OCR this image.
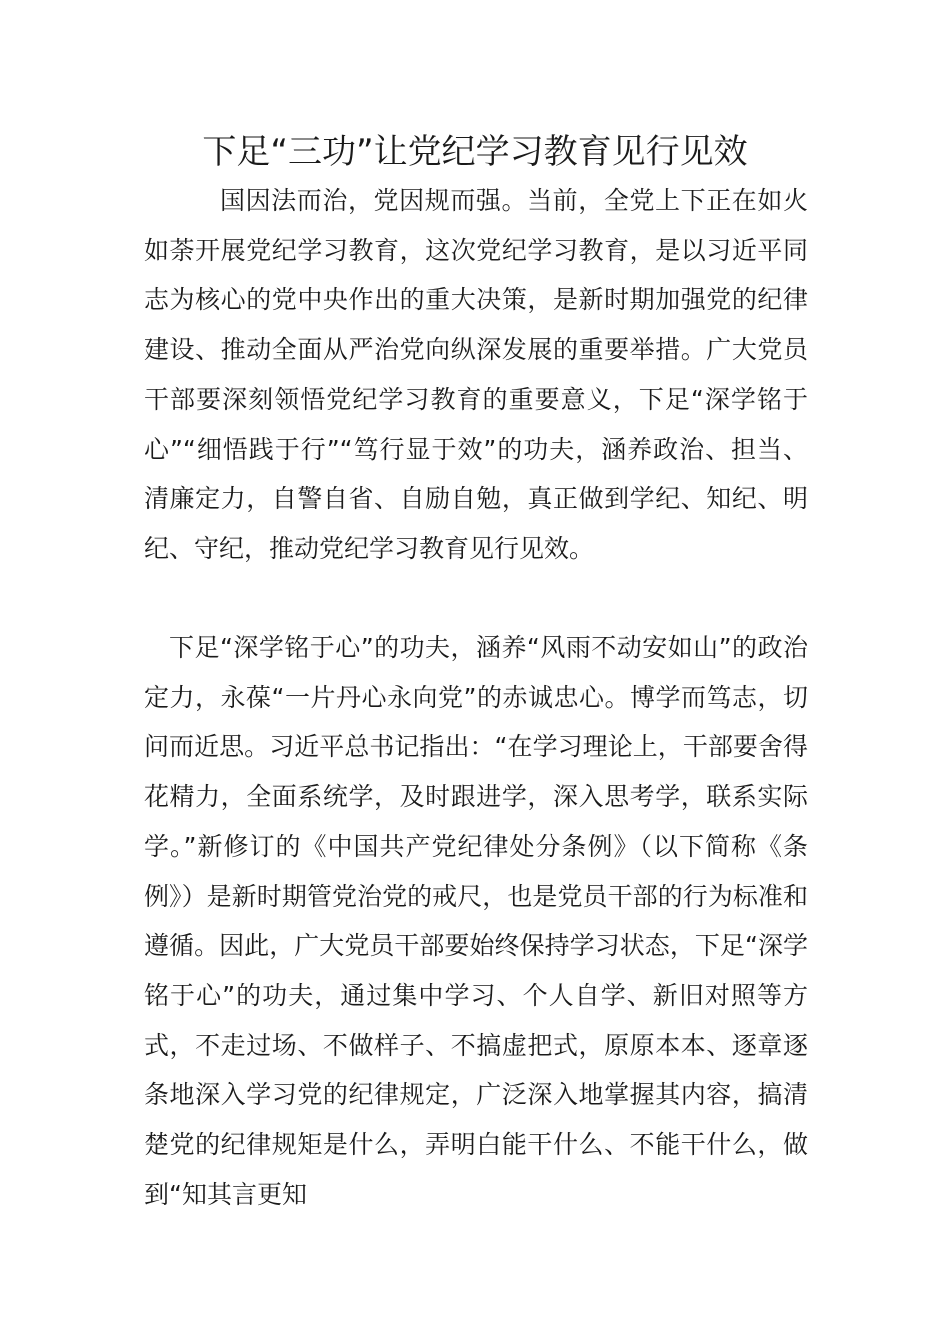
下足“三功”让党纪学习教育见行见效

国因法而治，党因规而强。当前，全党上下正在如火如荼开展党纪学习教育，这次党纪学习教育，是以习近平同志为核心的党中央作出的重大决策，是新时期加强党的纪律建设、推动全面从严治党向纵深发展的重要举措。广大党员干部要深刻领悟党纪学习教育的重要意义，下足“深学铭于心”“细悟践于行”“笃行显于效”的功夫，涵养政治、担当、清廉定力，自警自省、自励自勉，真正做到学纪、知纪、明纪、守纪，推动党纪学习教育见行见效。

下足“深学铭于心”的功夫，涵养“风雨不动安如山”的政治定力，永葆“一片丹心永向党”的赤诚忠心。博学而笃志，切问而近思。习近平总书记指出：“在学习理论上，干部要舍得花精力，全面系统学，及时跟进学，深入思考学，联系实际学。”新修订的《中国共产党纪律处分条例》（以下简称《条例》）是新时期管党治党的戒尺，也是党员干部的行为标准和遵循。因此，广大党员干部要始终保持学习状态，下足“深学铭于心”的功夫，通过集中学习、个人自学、新旧对照等方式，不走过场、不做样子、不搞虚把式，原原本本、逐章逐条地深入学习党的纪律规定，广泛深入地掌握其内容，搞清楚党的纪律规矩是什么，弄明白能干什么、不能干什么，做到“知其言更知
